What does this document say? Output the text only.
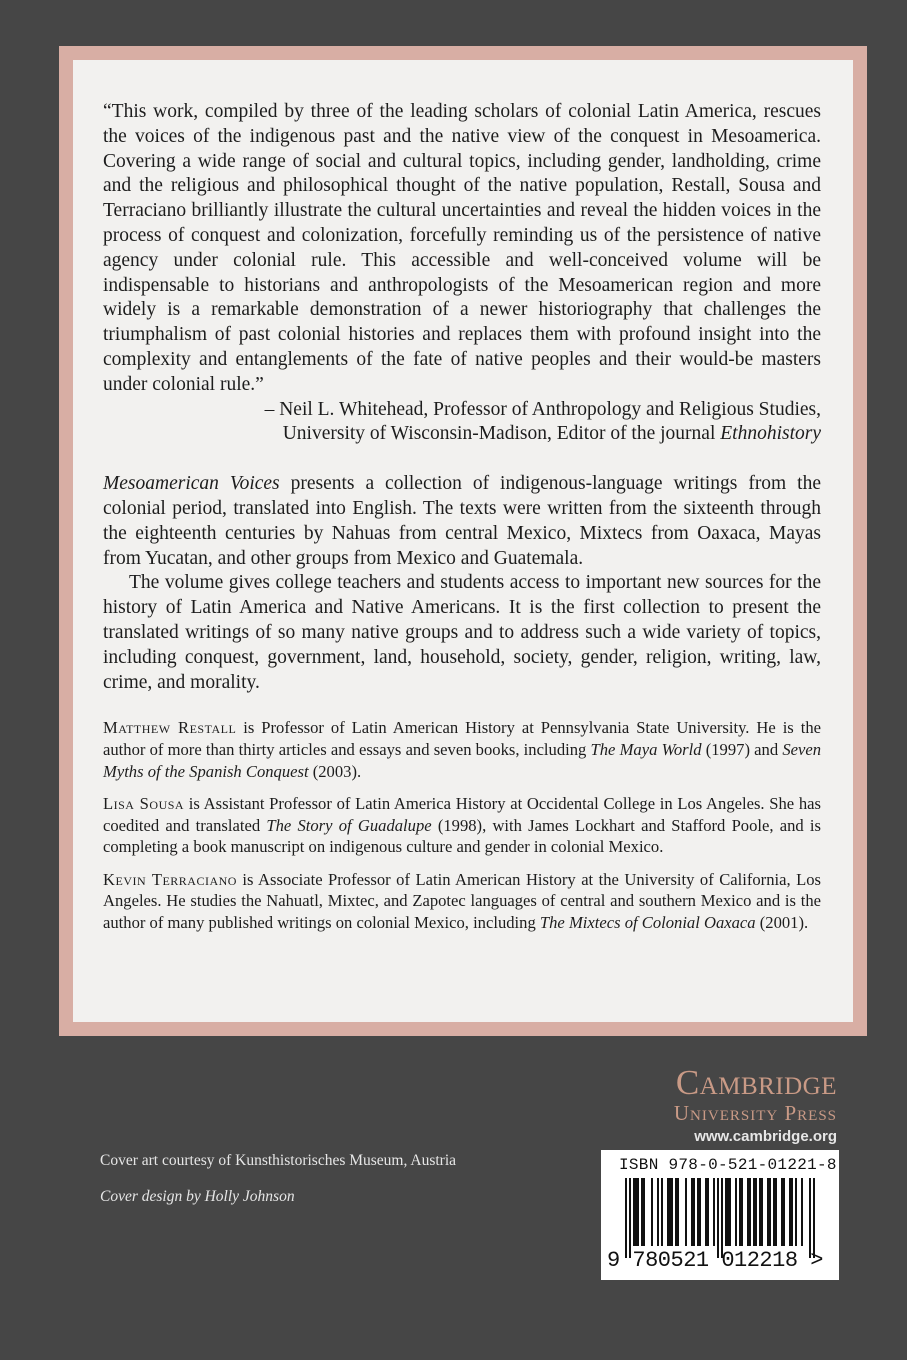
“This work, compiled by three of the leading scholars of colonial Latin America, rescues the voices of the indigenous past and the native view of the conquest in Mesoamerica. Covering a wide range of social and cultural topics, including gender, landholding, crime and the religious and philosophical thought of the native population, Restall, Sousa and Terraciano brilliantly illustrate the cultural uncertainties and reveal the hidden voices in the process of conquest and colonization, forcefully reminding us of the persistence of native agency under colonial rule. This accessible and well-conceived volume will be indispensable to historians and anthropologists of the Mesoamerican region and more widely is a remarkable demonstration of a newer historiography that challenges the triumphalism of past colonial histories and replaces them with profound insight into the complexity and entanglements of the fate of native peoples and their would-be masters under colonial rule.”

– Neil L. Whitehead, Professor of Anthropology and Religious Studies,
University of Wisconsin-Madison, Editor of the journal Ethnohistory

Mesoamerican Voices presents a collection of indigenous-language writings from the colonial period, translated into English. The texts were written from the sixteenth through the eighteenth centuries by Nahuas from central Mexico, Mixtecs from Oaxaca, Mayas from Yucatan, and other groups from Mexico and Guatemala.

The volume gives college teachers and students access to important new sources for the history of Latin America and Native Americans. It is the first collection to present the translated writings of so many native groups and to address such a wide variety of topics, including conquest, government, land, household, society, gender, religion, writing, law, crime, and morality.

Matthew Restall is Professor of Latin American History at Pennsylvania State University. He is the author of more than thirty articles and essays and seven books, including The Maya World (1997) and Seven Myths of the Spanish Conquest (2003).

Lisa Sousa is Assistant Professor of Latin America History at Occidental College in Los Angeles. She has coedited and translated The Story of Guadalupe (1998), with James Lockhart and Stafford Poole, and is completing a book manuscript on indigenous culture and gender in colonial Mexico.

Kevin Terraciano is Associate Professor of Latin American History at the University of California, Los Angeles. He studies the Nahuatl, Mixtec, and Zapotec languages of central and southern Mexico and is the author of many published writings on colonial Mexico, including The Mixtecs of Colonial Oaxaca (2001).

Cover art courtesy of Kunsthistorisches Museum, Austria

Cover design by Holly Johnson

Cambridge
University Press
www.cambridge.org
ISBN 978-0-521-01221-8
9 780521 012218 >
